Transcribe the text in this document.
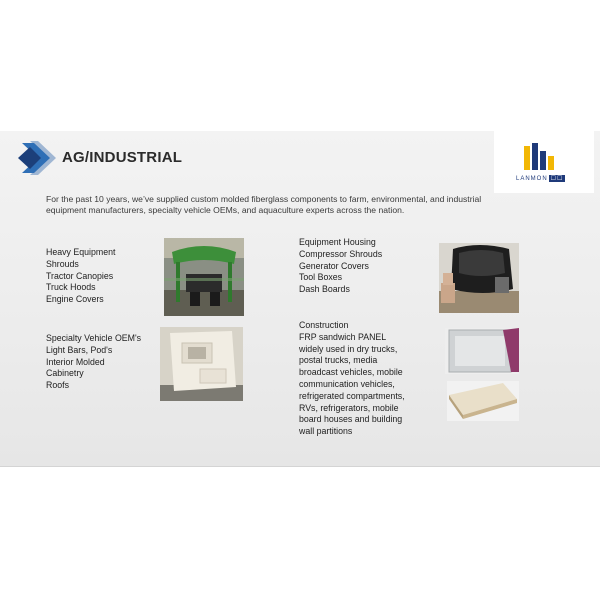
AG/INDUSTRIAL
LANMON ☐☐
For the past 10 years, we’ve supplied custom molded fiberglass components to farm, environmental, and industrial equipment manufacturers, specialty vehicle OEMs, and aquaculture experts across the nation.
Heavy Equipment
Shrouds
Tractor Canopies
Truck Hoods
Engine Covers
Equipment Housing
Compressor Shrouds
Generator Covers
Tool Boxes
Dash Boards
Specialty Vehicle OEM's
Light Bars, Pod's
Interior Molded
Cabinetry
Roofs
Construction
FRP sandwich PANEL
widely used in dry trucks,
postal trucks, media
broadcast vehicles, mobile
communication vehicles,
refrigerated compartments,
RVs, refrigerators, mobile
board houses and building
wall partitions
